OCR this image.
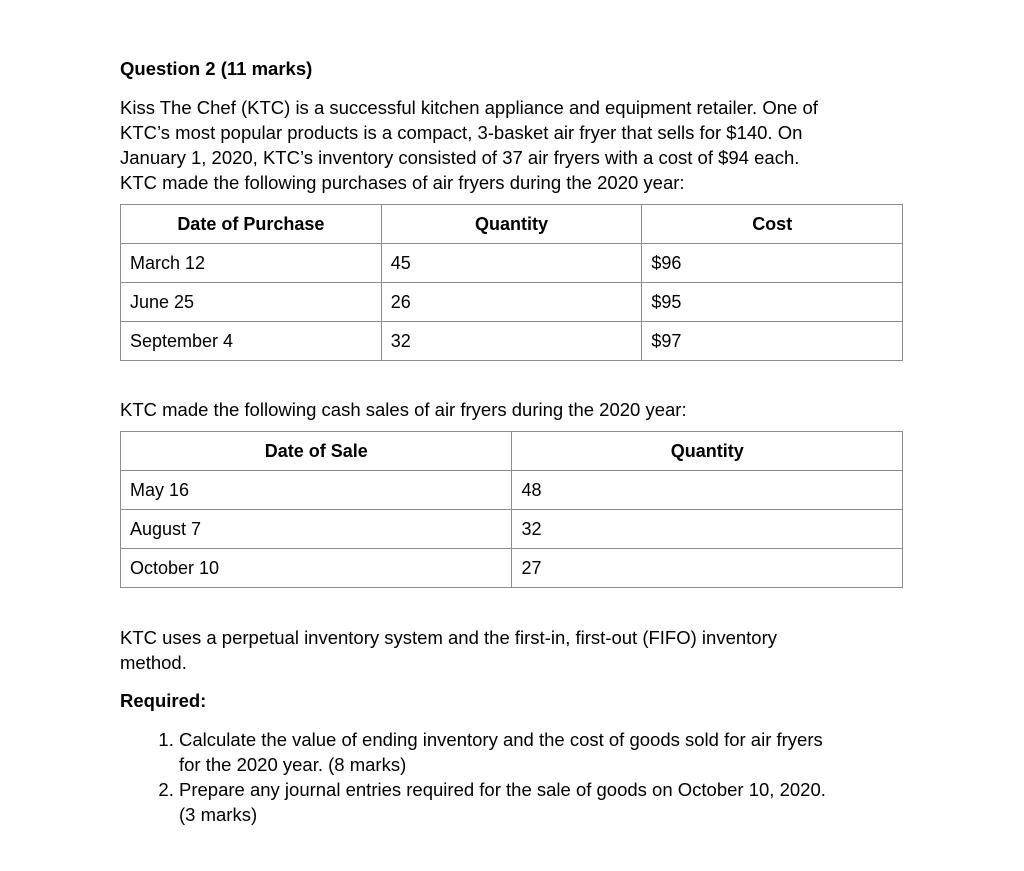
Question 2 (11 marks)

Kiss The Chef (KTC) is a successful kitchen appliance and equipment retailer. One of
KTC’s most popular products is a compact, 3-basket air fryer that sells for $140. On
January 1, 2020, KTC’s inventory consisted of 37 air fryers with a cost of $94 each.
KTC made the following purchases of air fryers during the 2020 year:

Date of Purchase	Quantity	Cost
March 12	45	$96
June 25	26	$95
September 4	32	$97

KTC made the following cash sales of air fryers during the 2020 year:

Date of Sale	Quantity
May 16	48
August 7	32
October 10	27

KTC uses a perpetual inventory system and the first-in, first-out (FIFO) inventory
method.

Required:
1. Calculate the value of ending inventory and the cost of goods sold for air fryers
for the 2020 year. (8 marks)
2. Prepare any journal entries required for the sale of goods on October 10, 2020.
(3 marks)
